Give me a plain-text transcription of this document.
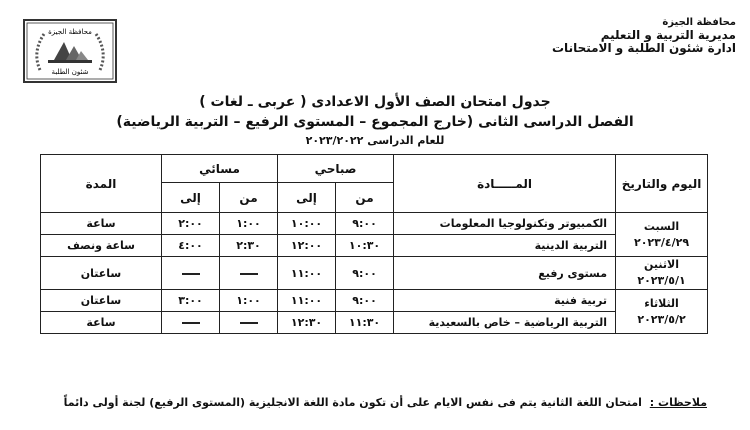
محافظة الجيزة
مديرية التربية و التعليم
ادارة شئون الطلبة و الامتحانات
محافظة الجيزة
شئون الطلبة
جدول امتحان الصف الأول الاعدادى ( عربى ـ لغات )
الفصل الدراسى الثانى (خارج المجموع – المستوى الرفيع – التربية الرياضية)
للعام الدراسى ٢٠٢٣/٢٠٢٢
اليوم والتاريخ	المـــــادة	صباحي		مسائي		المدة
		من	إلى	من	إلى	

السبت
٢٠٢٣/٤/٢٩	الكمبيوتر وتكنولوجيا المعلومات	٩:٠٠	١٠:٠٠	١:٠٠	٢:٠٠	ساعة
	التربية الدينية	١٠:٣٠	١٢:٠٠	٢:٣٠	٤:٠٠	ساعة ونصف

الاثنين
٢٠٢٣/٥/١	مستوى رفيع	٩:٠٠	١١:٠٠			ساعتان

الثلاثاء
٢٠٢٣/٥/٢	تربية فنية	٩:٠٠	١١:٠٠	١:٠٠	٣:٠٠	ساعتان
	التربية الرياضية – خاص بالسعيدية	١١:٣٠	١٢:٣٠			ساعة
ملاحظات : امتحان اللغة الثانية يتم فى نفس الايام على أن تكون مادة اللغة الانجليزية (المستوى الرفيع) لجنة أولى دائماً
